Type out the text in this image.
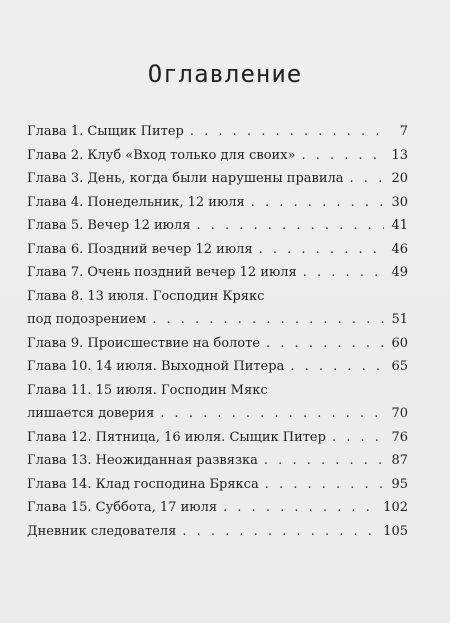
Оглавление
Глава 1. Сыщик Питер . . .	7
Глава 2. Клуб «Вход только для своих» . . .	13
Глава 3. День, когда были нарушены правила . . .	20
Глава 4. Понедельник, 12 июля . . .	30
Глава 5. Вечер 12 июля . . .	41
Глава 6. Поздний вечер 12 июля . . .	46
Глава 7. Очень поздний вечер 12 июля . . .	49
Глава 8. 13 июля. Господин Крякс
под подозрением . . .	51
Глава 9. Происшествие на болоте . . .	60
Глава 10. 14 июля. Выходной Питера . . .	65
Глава 11. 15 июля. Господин Мякс
лишается доверия . . .	70
Глава 12. Пятница, 16 июля. Сыщик Питер . . .	76
Глава 13. Неожиданная развязка . . .	87
Глава 14. Клад господина Брякса . . .	95
Глава 15. Суббота, 17 июля . . .	102
Дневник следователя . . .	105
